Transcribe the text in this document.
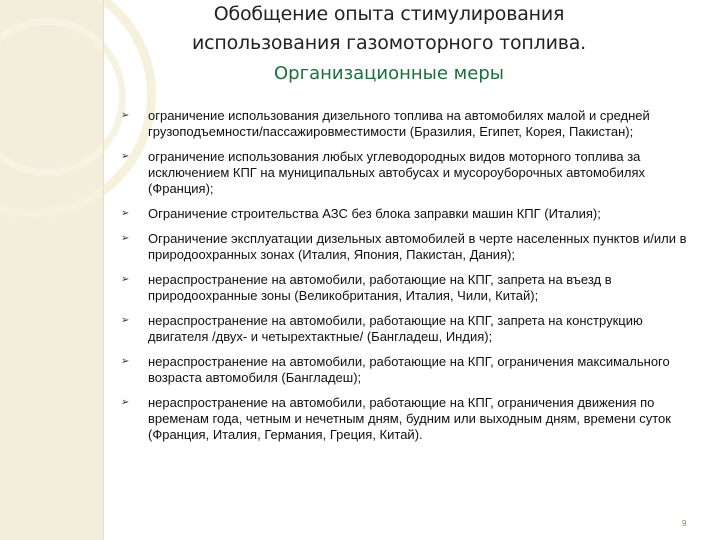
Обобщение опыта стимулирования
использования газомоторного топлива.
Организационные меры
➢ ограничение использования дизельного топлива на автомобилях малой и средней грузоподъемности/пассажировместимости (Бразилия, Египет, Корея, Пакистан);
➢ ограничение использования любых углеводородных видов моторного топлива за исключением КПГ на муниципальных автобусах и мусороуборочных автомобилях (Франция);
➢ Ограничение строительства АЗС без блока заправки машин КПГ (Италия);
➢ Ограничение эксплуатации дизельных автомобилей в черте населенных пунктов и/или в природоохранных зонах (Италия, Япония, Пакистан, Дания);
➢ нераспространение на автомобили, работающие на КПГ, запрета на въезд в природоохранные зоны (Великобритания, Италия, Чили, Китай);
➢ нераспространение на автомобили, работающие на КПГ, запрета на конструкцию двигателя /двух- и четырехтактные/ (Бангладеш, Индия);
➢ нераспространение на автомобили, работающие на КПГ, ограничения максимального возраста автомобиля (Бангладеш);
➢ нераспространение на автомобили, работающие на КПГ, ограничения движения по временам года, четным и нечетным дням, будним или выходным дням, времени суток (Франция, Италия, Германия, Греция, Китай).
9
